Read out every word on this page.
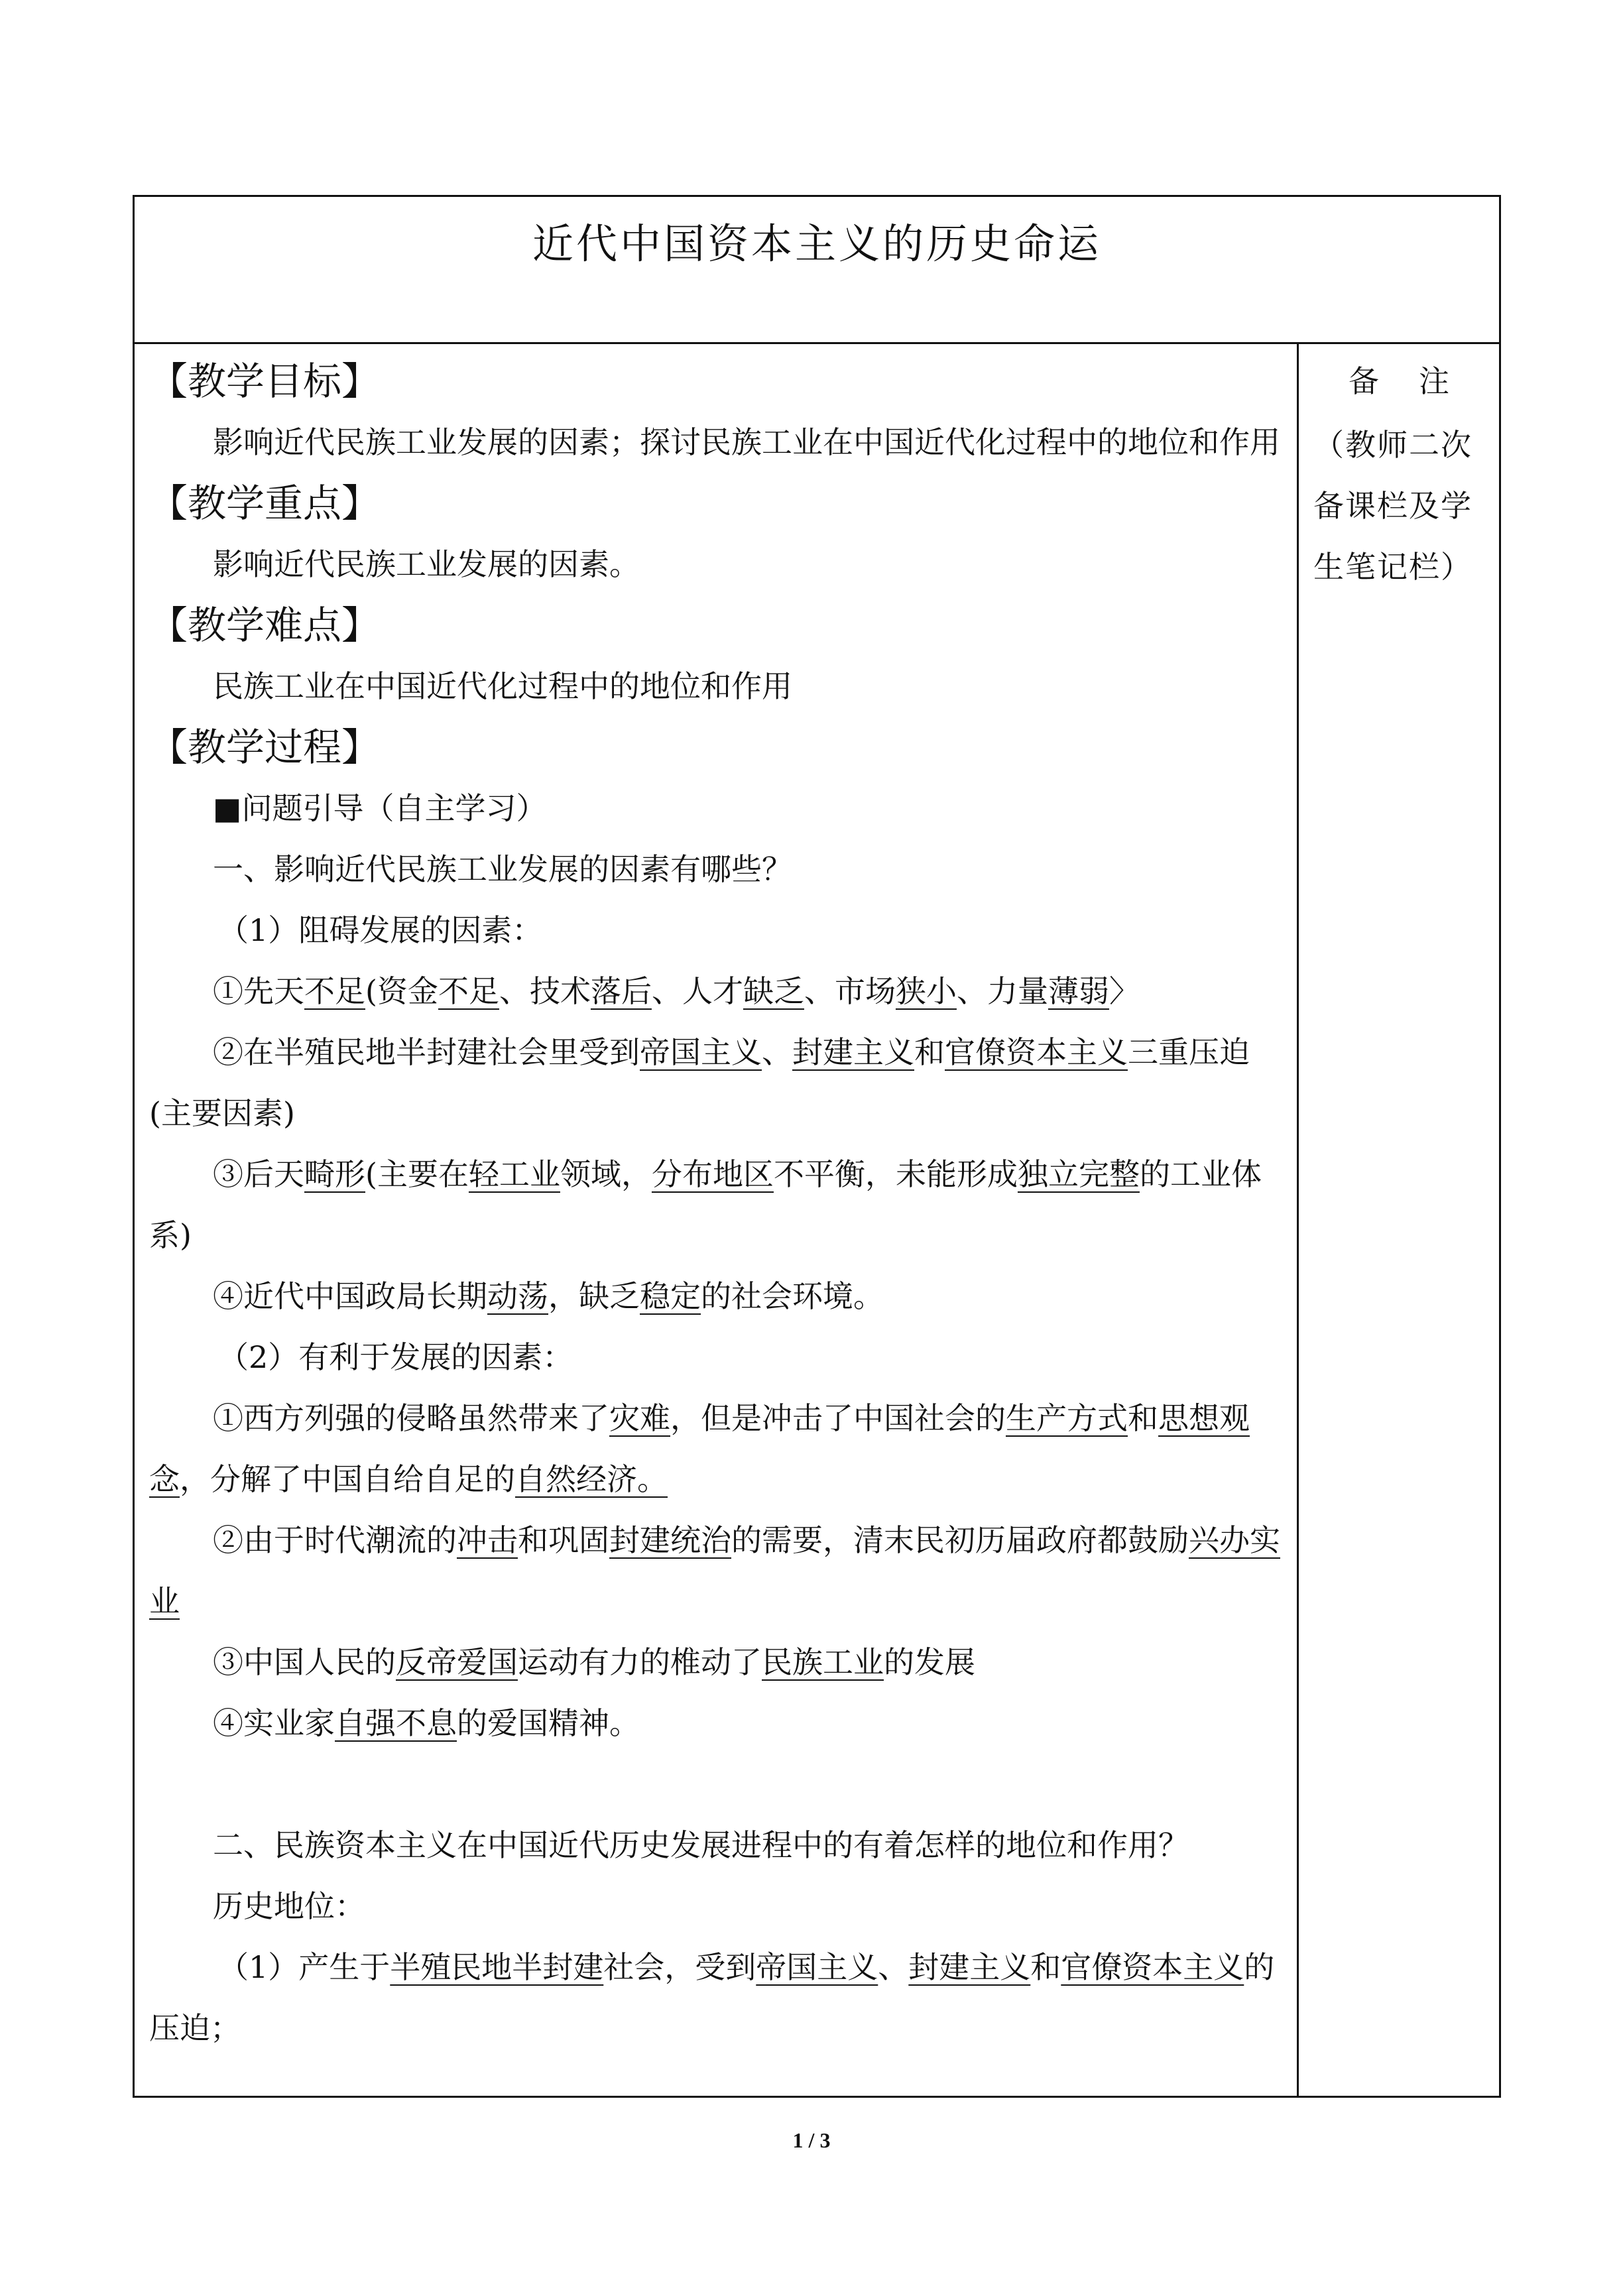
近代中国资本主义的历史命运

【教学目标】

影响近代民族工业发展的因素；探讨民族工业在中国近代化过程中的地位和作用

【教学重点】

影响近代民族工业发展的因素。

【教学难点】

民族工业在中国近代化过程中的地位和作用

【教学过程】

■问题引导（自主学习）

一、影响近代民族工业发展的因素有哪些？

（1）阻碍发展的因素：

①先天不足(资金不足、技术落后、人才缺乏、市场狭小、力量薄弱〉

②在半殖民地半封建社会里受到帝国主义、封建主义和官僚资本主义三重压迫(主要因素)

③后天畸形(主要在轻工业领域，分布地区不平衡，未能形成独立完整的工业体系)

④近代中国政局长期动荡，缺乏稳定的社会环境。

（2）有利于发展的因素：

①西方列强的侵略虽然带来了灾难，但是冲击了中国社会的生产方式和思想观念，分解了中国自给自足的自然经济。

②由于时代潮流的冲击和巩固封建统治的需要，清末民初历届政府都鼓励兴办实业

③中国人民的反帝爱国运动有力的椎动了民族工业的发展

④实业家自强不息的爱国精神。

二、民族资本主义在中国近代历史发展进程中的有着怎样的地位和作用？

历史地位：

（1）产生于半殖民地半封建社会，受到帝国主义、封建主义和官僚资本主义的压迫；

备注
（教师二次备课栏及学生笔记栏）
1 / 3
